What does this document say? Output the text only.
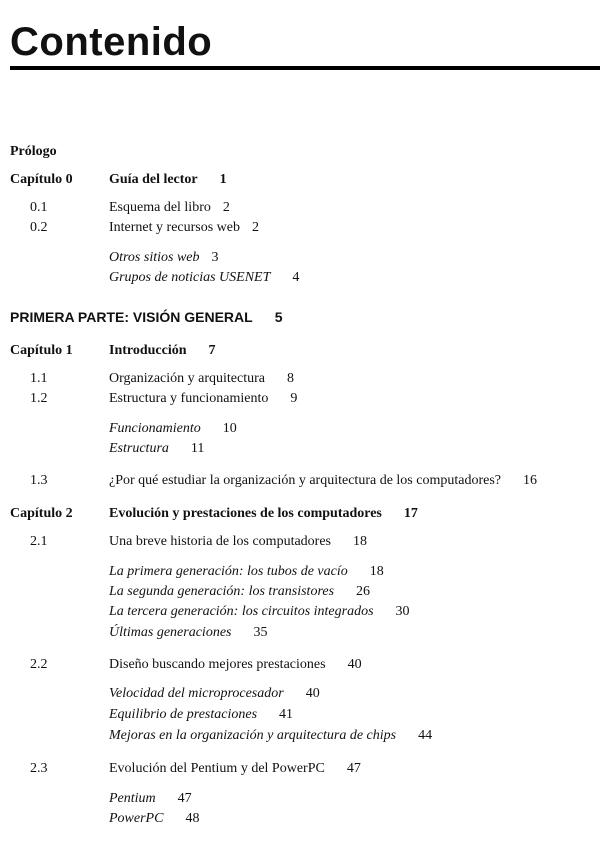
Contenido
Prólogo
Capítulo 0	Guía del lector 1
0.1	Esquema del libro 2
0.2	Internet y recursos web 2
Otros sitios web 3
Grupos de noticias USENET 4
PRIMERA PARTE: VISIÓN GENERAL 5
Capítulo 1	Introducción 7
1.1	Organización y arquitectura 8
1.2	Estructura y funcionamiento 9
Funcionamiento 10
Estructura 11
1.3	¿Por qué estudiar la organización y arquitectura de los computadores? 16
Capítulo 2	Evolución y prestaciones de los computadores 17
2.1	Una breve historia de los computadores 18
La primera generación: los tubos de vacío 18
La segunda generación: los transistores 26
La tercera generación: los circuitos integrados 30
Últimas generaciones 35
2.2	Diseño buscando mejores prestaciones 40
Velocidad del microprocesador 40
Equilibrio de prestaciones 41
Mejoras en la organización y arquitectura de chips 44
2.3	Evolución del Pentium y del PowerPC 47
Pentium 47
PowerPC 48
